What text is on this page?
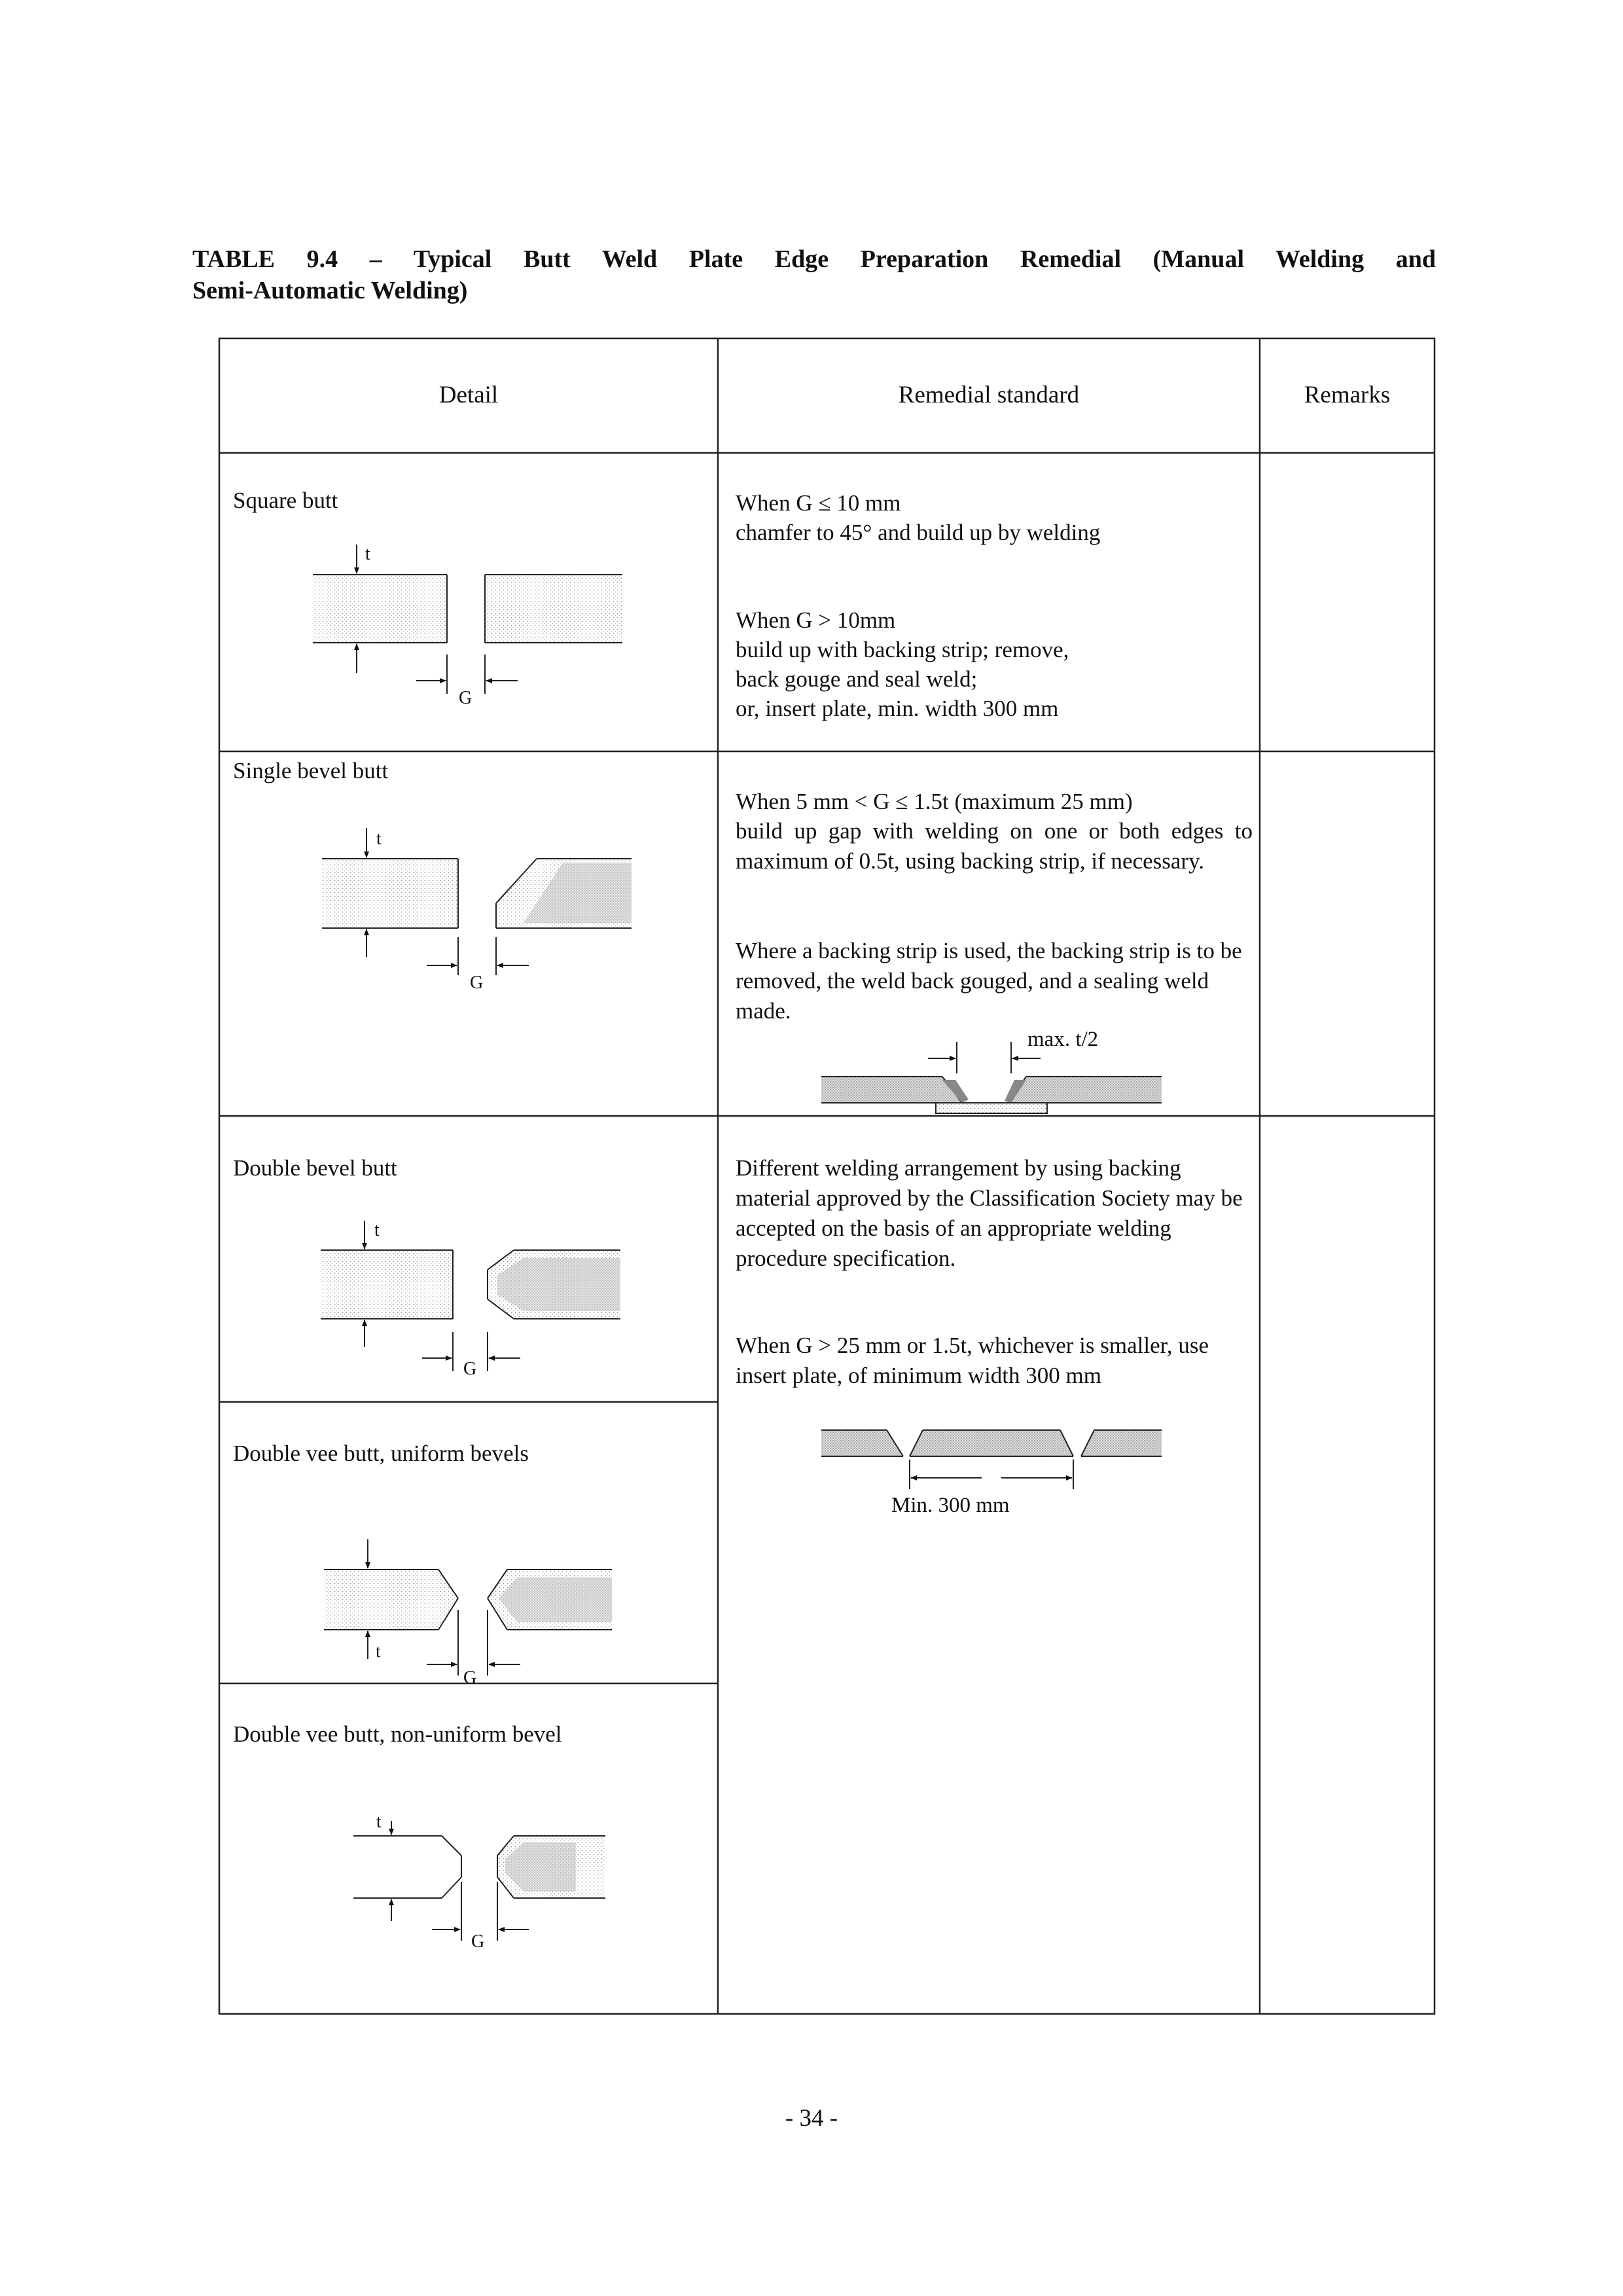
TABLE 9.4 – Typical Butt Weld Plate Edge Preparation Remedial (Manual Welding and
Semi-Automatic Welding)
t
G
t
G
t
G
t
G
t
G
max. t/2
Min. 300 mm
Detail	Remedial standard	Remarks
Square butt
Single bevel butt
Double bevel butt
Double vee butt, uniform bevels
Double vee butt, non-uniform bevel
When G ≤ 10 mm
chamfer to 45° and build up by welding
When G > 10mm
build up with backing strip; remove,
back gouge and seal weld;
or, insert plate, min. width 300 mm
When 5 mm < G ≤ 1.5t (maximum 25 mm)
build up gap with welding on one or both edges to maximum of 0.5t, using backing strip, if necessary.
Where a backing strip is used, the backing strip is to be removed, the weld back gouged, and a sealing weld made.
Different welding arrangement by using backing material approved by the Classification Society may be accepted on the basis of an appropriate welding procedure specification.
When G > 25 mm or 1.5t, whichever is smaller, use insert plate, of minimum width 300 mm
- 34 -
